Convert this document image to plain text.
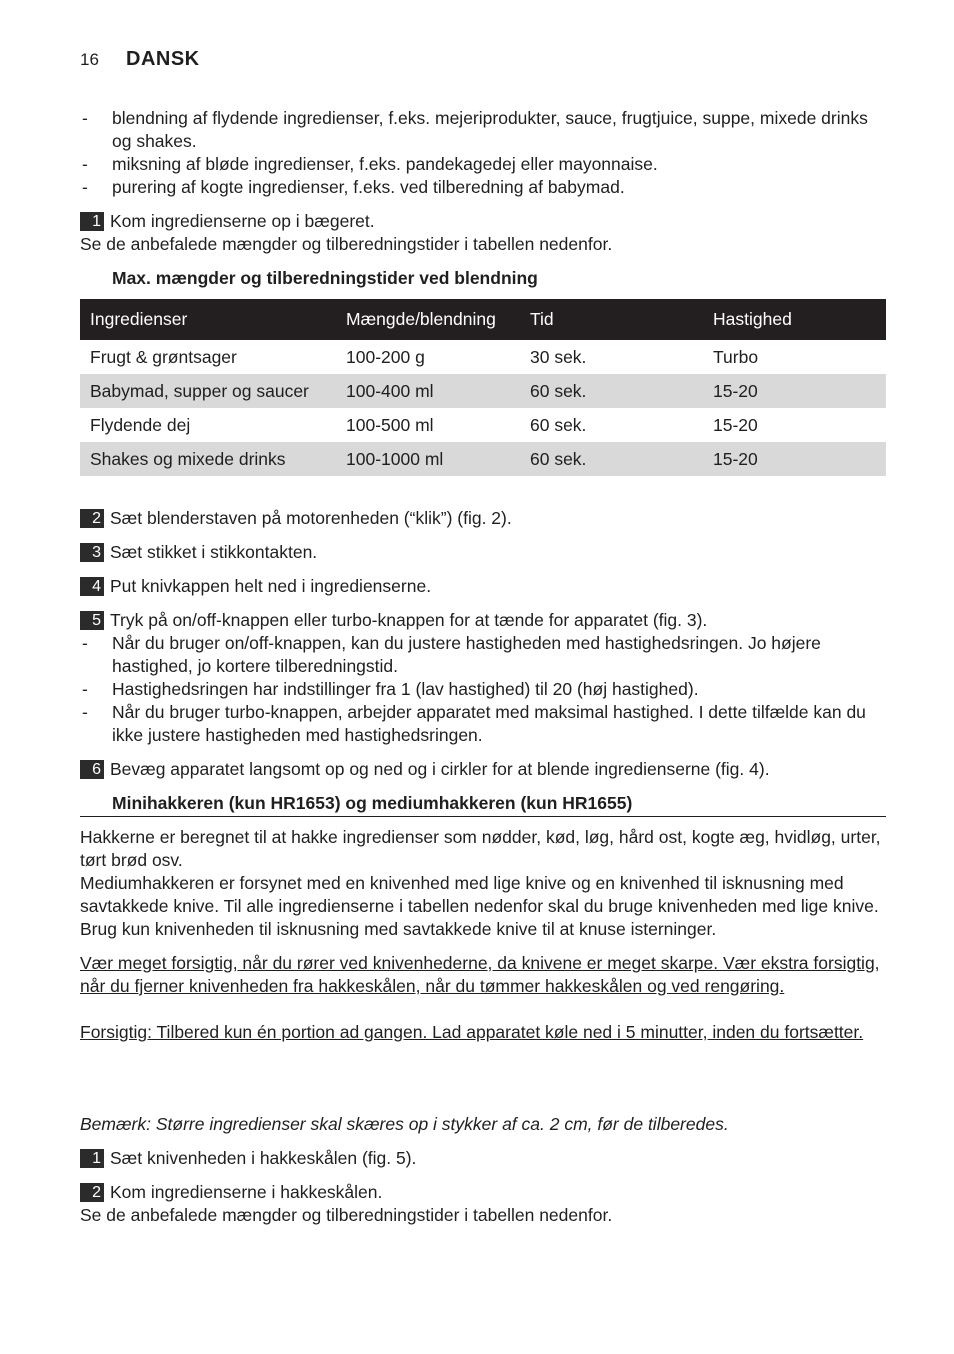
16	DANSK
- blendning af flydende ingredienser, f.eks. mejeriprodukter, sauce, frugtjuice, suppe, mixede drinks og shakes.
- miksning af bløde ingredienser, f.eks. pandekagedej eller mayonnaise.
- purering af kogte ingredienser, f.eks. ved tilberedning af babymad.
1 Kom ingredienserne op i bægeret.
Se de anbefalede mængder og tilberedningstider i tabellen nedenfor.
Max. mængder og tilberedningstider ved blendning
Ingredienser	Mængde/blendning	Tid	Hastighed
Frugt & grøntsager	100-200 g	30 sek.	Turbo
Babymad, supper og saucer	100-400 ml	60 sek.	15-20
Flydende dej	100-500 ml	60 sek.	15-20
Shakes og mixede drinks	100-1000 ml	60 sek.	15-20
2 Sæt blenderstaven på motorenheden (“klik”) (fig. 2).
3 Sæt stikket i stikkontakten.
4 Put knivkappen helt ned i ingredienserne.
5 Tryk på on/off-knappen eller turbo-knappen for at tænde for apparatet (fig. 3).
- Når du bruger on/off-knappen, kan du justere hastigheden med hastighedsringen. Jo højere hastighed, jo kortere tilberedningstid.
- Hastighedsringen har indstillinger fra 1 (lav hastighed) til 20 (høj hastighed).
- Når du bruger turbo-knappen, arbejder apparatet med maksimal hastighed. I dette tilfælde kan du ikke justere hastigheden med hastighedsringen.
6 Bevæg apparatet langsomt op og ned og i cirkler for at blende ingredienserne (fig. 4).
Minihakkeren (kun HR1653) og mediumhakkeren (kun HR1655)
Hakkerne er beregnet til at hakke ingredienser som nødder, kød, løg, hård ost, kogte æg, hvidløg, urter, tørt brød osv.
Mediumhakkeren er forsynet med en knivenhed med lige knive og en knivenhed til isknusning med savtakkede knive. Til alle ingredienserne i tabellen nedenfor skal du bruge knivenheden med lige knive. Brug kun knivenheden til isknusning med savtakkede knive til at knuse isterninger.
Vær meget forsigtig, når du rører ved knivenhederne, da knivene er meget skarpe. Vær ekstra forsigtig, når du fjerner knivenheden fra hakkeskålen, når du tømmer hakkeskålen og ved rengøring.
Forsigtig: Tilbered kun én portion ad gangen. Lad apparatet køle ned i 5 minutter, inden du fortsætter.
Bemærk: Større ingredienser skal skæres op i stykker af ca. 2 cm, før de tilberedes.
1 Sæt knivenheden i hakkeskålen (fig. 5).
2 Kom ingredienserne i hakkeskålen.
Se de anbefalede mængder og tilberedningstider i tabellen nedenfor.
